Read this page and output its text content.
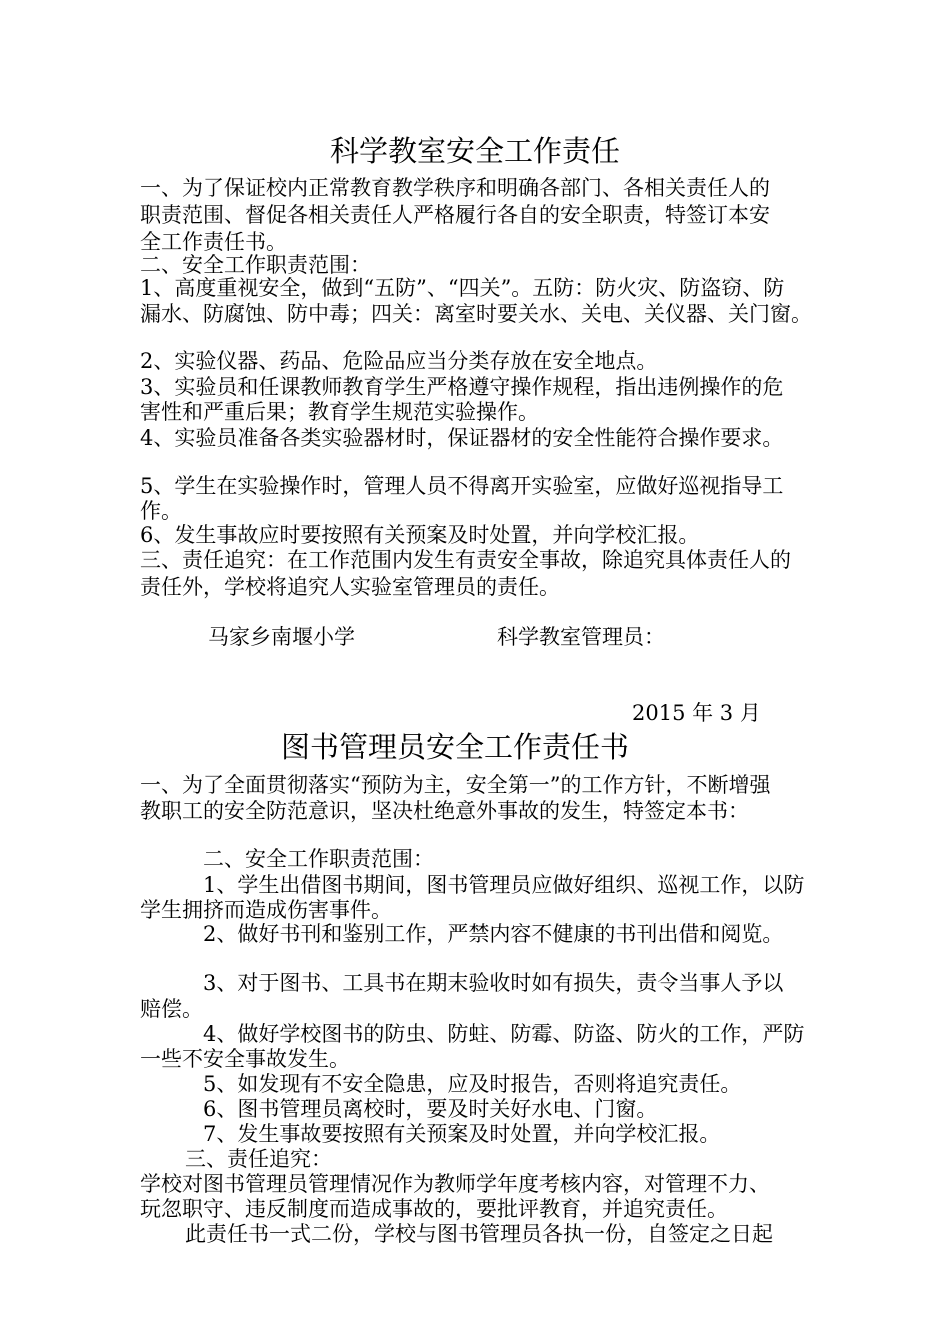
科学教室安全工作责任
一、为了保证校内正常教育教学秩序和明确各部门、各相关责任人的
职责范围、督促各相关责任人严格履行各自的安全职责，特签订本安
全工作责任书。
二、安全工作职责范围：
1、高度重视安全，做到“五防”、“四关”。五防：防火灾、防盗窃、防
漏水、防腐蚀、防中毒；四关：离室时要关水、关电、关仪器、关门窗。
2、实验仪器、药品、危险品应当分类存放在安全地点。
3、实验员和任课教师教育学生严格遵守操作规程，指出违例操作的危
害性和严重后果；教育学生规范实验操作。
4、实验员准备各类实验器材时，保证器材的安全性能符合操作要求。
5、学生在实验操作时，管理人员不得离开实验室，应做好巡视指导工
作。
6、发生事故应时要按照有关预案及时处置，并向学校汇报。
三、责任追究：在工作范围内发生有责安全事故，除追究具体责任人的
责任外，学校将追究人实验室管理员的责任。
马家乡南堰小学	科学教室管理员：
2015 年 3 月
图书管理员安全工作责任书
一、为了全面贯彻落实“预防为主，安全第一”的工作方针，不断增强
教职工的安全防范意识，坚决杜绝意外事故的发生，特签定本书：
二、安全工作职责范围：
1、学生出借图书期间，图书管理员应做好组织、巡视工作，以防
学生拥挤而造成伤害事件。
2、做好书刊和鉴别工作，严禁内容不健康的书刊出借和阅览。
3、对于图书、工具书在期末验收时如有损失，责令当事人予以
赔偿。
4、做好学校图书的防虫、防蛀、防霉、防盗、防火的工作，严防
一些不安全事故发生。
5、如发现有不安全隐患，应及时报告，否则将追究责任。
6、图书管理员离校时，要及时关好水电、门窗。
7、发生事故要按照有关预案及时处置，并向学校汇报。
三、责任追究：
学校对图书管理员管理情况作为教师学年度考核内容，对管理不力、
玩忽职守、违反制度而造成事故的，要批评教育，并追究责任。
此责任书一式二份，学校与图书管理员各执一份，自签定之日起
